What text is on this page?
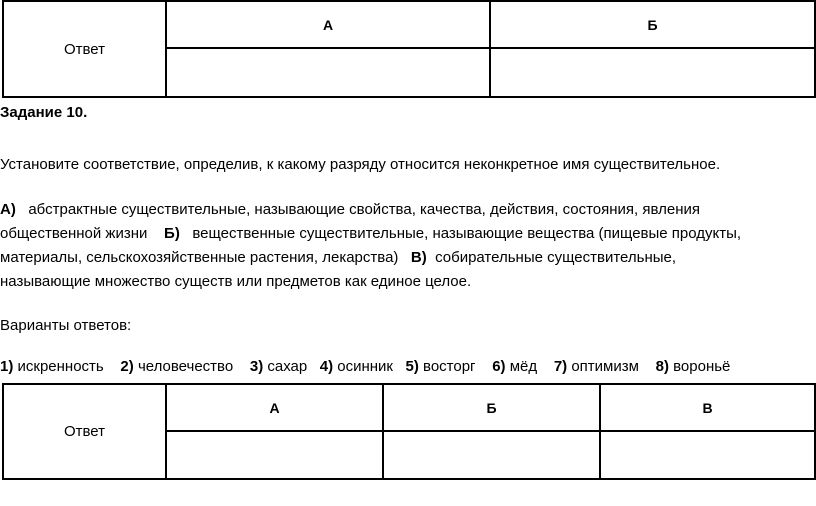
Ответ	А	Б

Задание 10.
Установите соответствие, определив, к какому разряду относится неконкретное имя существительное.
А) абстрактные существительные, называющие свойства, качества, действия, состояния, явления
общественной жизни Б) вещественные существительные, называющие вещества (пищевые продукты,
материалы, сельскохозяйственные растения, лекарства) В) собирательные существительные,
называющие множество существ или предметов как единое целое.
Варианты ответов:
1) искренность 2) человечество 3) сахар 4) осинник 5) восторг 6) мёд 7) оптимизм 8) вороньё
Ответ	А	Б	В
